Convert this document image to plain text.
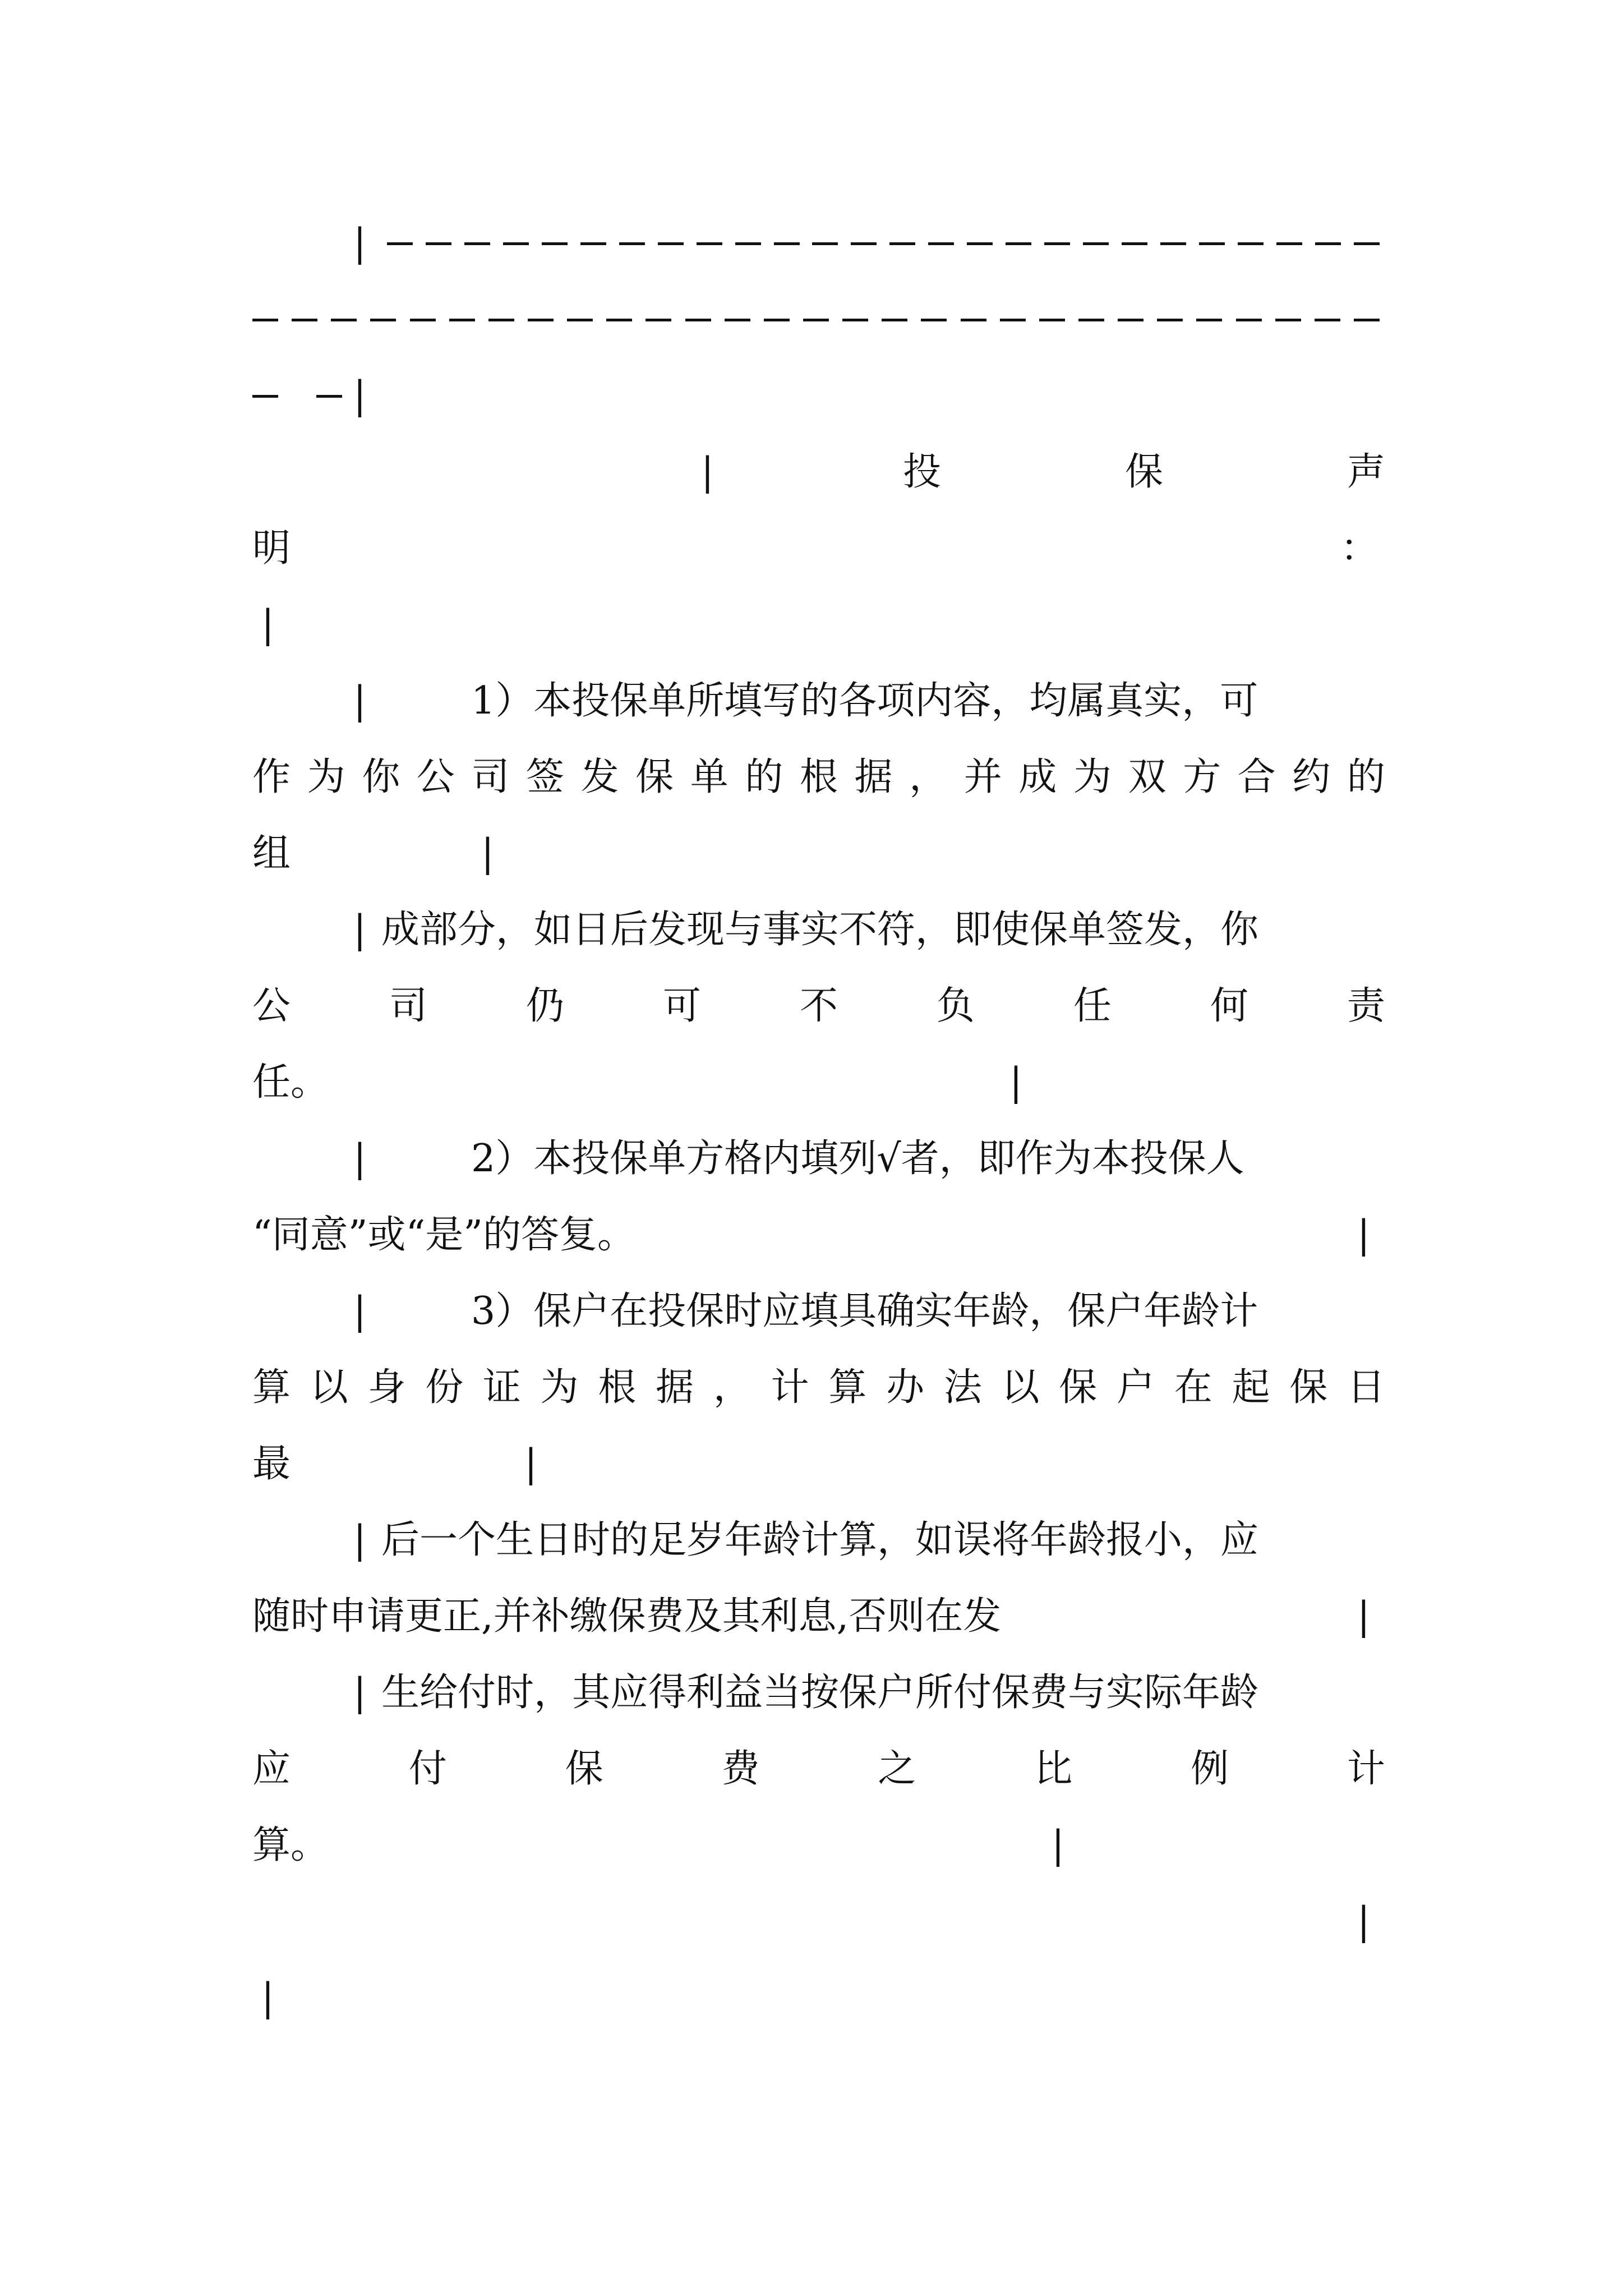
|
|
|	投	保	声
明	：
|
|	1）本投保单所填写的各项内容，均属真实，可
作 为 你 公 司 签 发 保 单 的 根 据 ， 并 成 为 双 方 合 约 的
组	|
| 成部分，如日后发现与事实不符，即使保单签发，你
公	司	仍	可	不	负	任	何	责
任。	|
|	2）本投保单方格内填列√者，即作为本投保人
“同意”或“是”的答复。	|
|	3）保户在投保时应填具确实年龄，保户年龄计
算 以 身 份 证 为 根 据 ， 计 算 办 法 以 保 户 在 起 保 日
最	|
| 后一个生日时的足岁年龄计算，如误将年龄报小，应
随时申请更正,并补缴保费及其利息,否则在发	|
| 生给付时，其应得利益当按保户所付保费与实际年龄
应	付	保	费	之	比	例	计
算。	|
|
|
